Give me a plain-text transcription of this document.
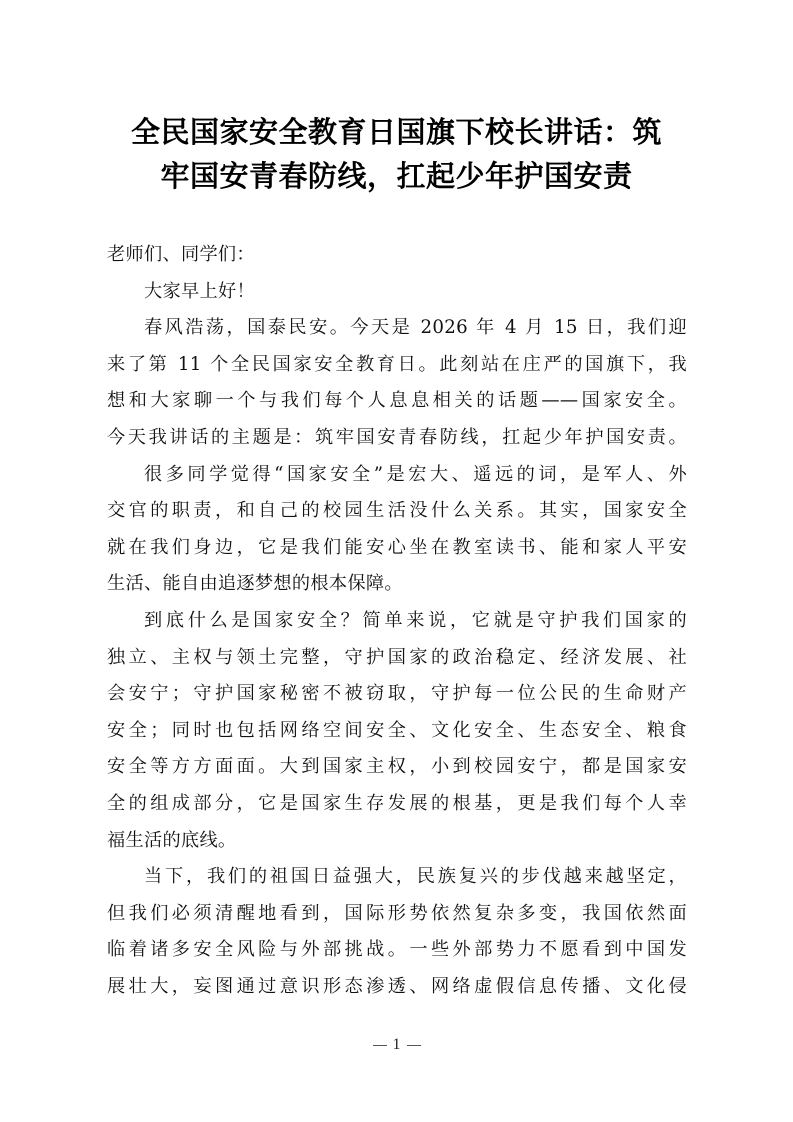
全民国家安全教育日国旗下校长讲话：筑
牢国安青春防线，扛起少年护国安责
老师们、同学们：
大家早上好！
春风浩荡，国泰民安。今天是 2026 年 4 月 15 日，我们迎
来了第 11 个全民国家安全教育日。此刻站在庄严的国旗下，我
想和大家聊一个与我们每个人息息相关的话题——国家安全。
今天我讲话的主题是：筑牢国安青春防线，扛起少年护国安责。
很多同学觉得“国家安全”是宏大、遥远的词，是军人、外
交官的职责，和自己的校园生活没什么关系。其实，国家安全
就在我们身边，它是我们能安心坐在教室读书、能和家人平安
生活、能自由追逐梦想的根本保障。
到底什么是国家安全？简单来说，它就是守护我们国家的
独立、主权与领土完整，守护国家的政治稳定、经济发展、社
会安宁；守护国家秘密不被窃取，守护每一位公民的生命财产
安全；同时也包括网络空间安全、文化安全、生态安全、粮食
安全等方方面面。大到国家主权，小到校园安宁，都是国家安
全的组成部分，它是国家生存发展的根基，更是我们每个人幸
福生活的底线。
当下，我们的祖国日益强大，民族复兴的步伐越来越坚定，
但我们必须清醒地看到，国际形势依然复杂多变，我国依然面
临着诸多安全风险与外部挑战。一些外部势力不愿看到中国发
展壮大，妄图通过意识形态渗透、网络虚假信息传播、文化侵
1
